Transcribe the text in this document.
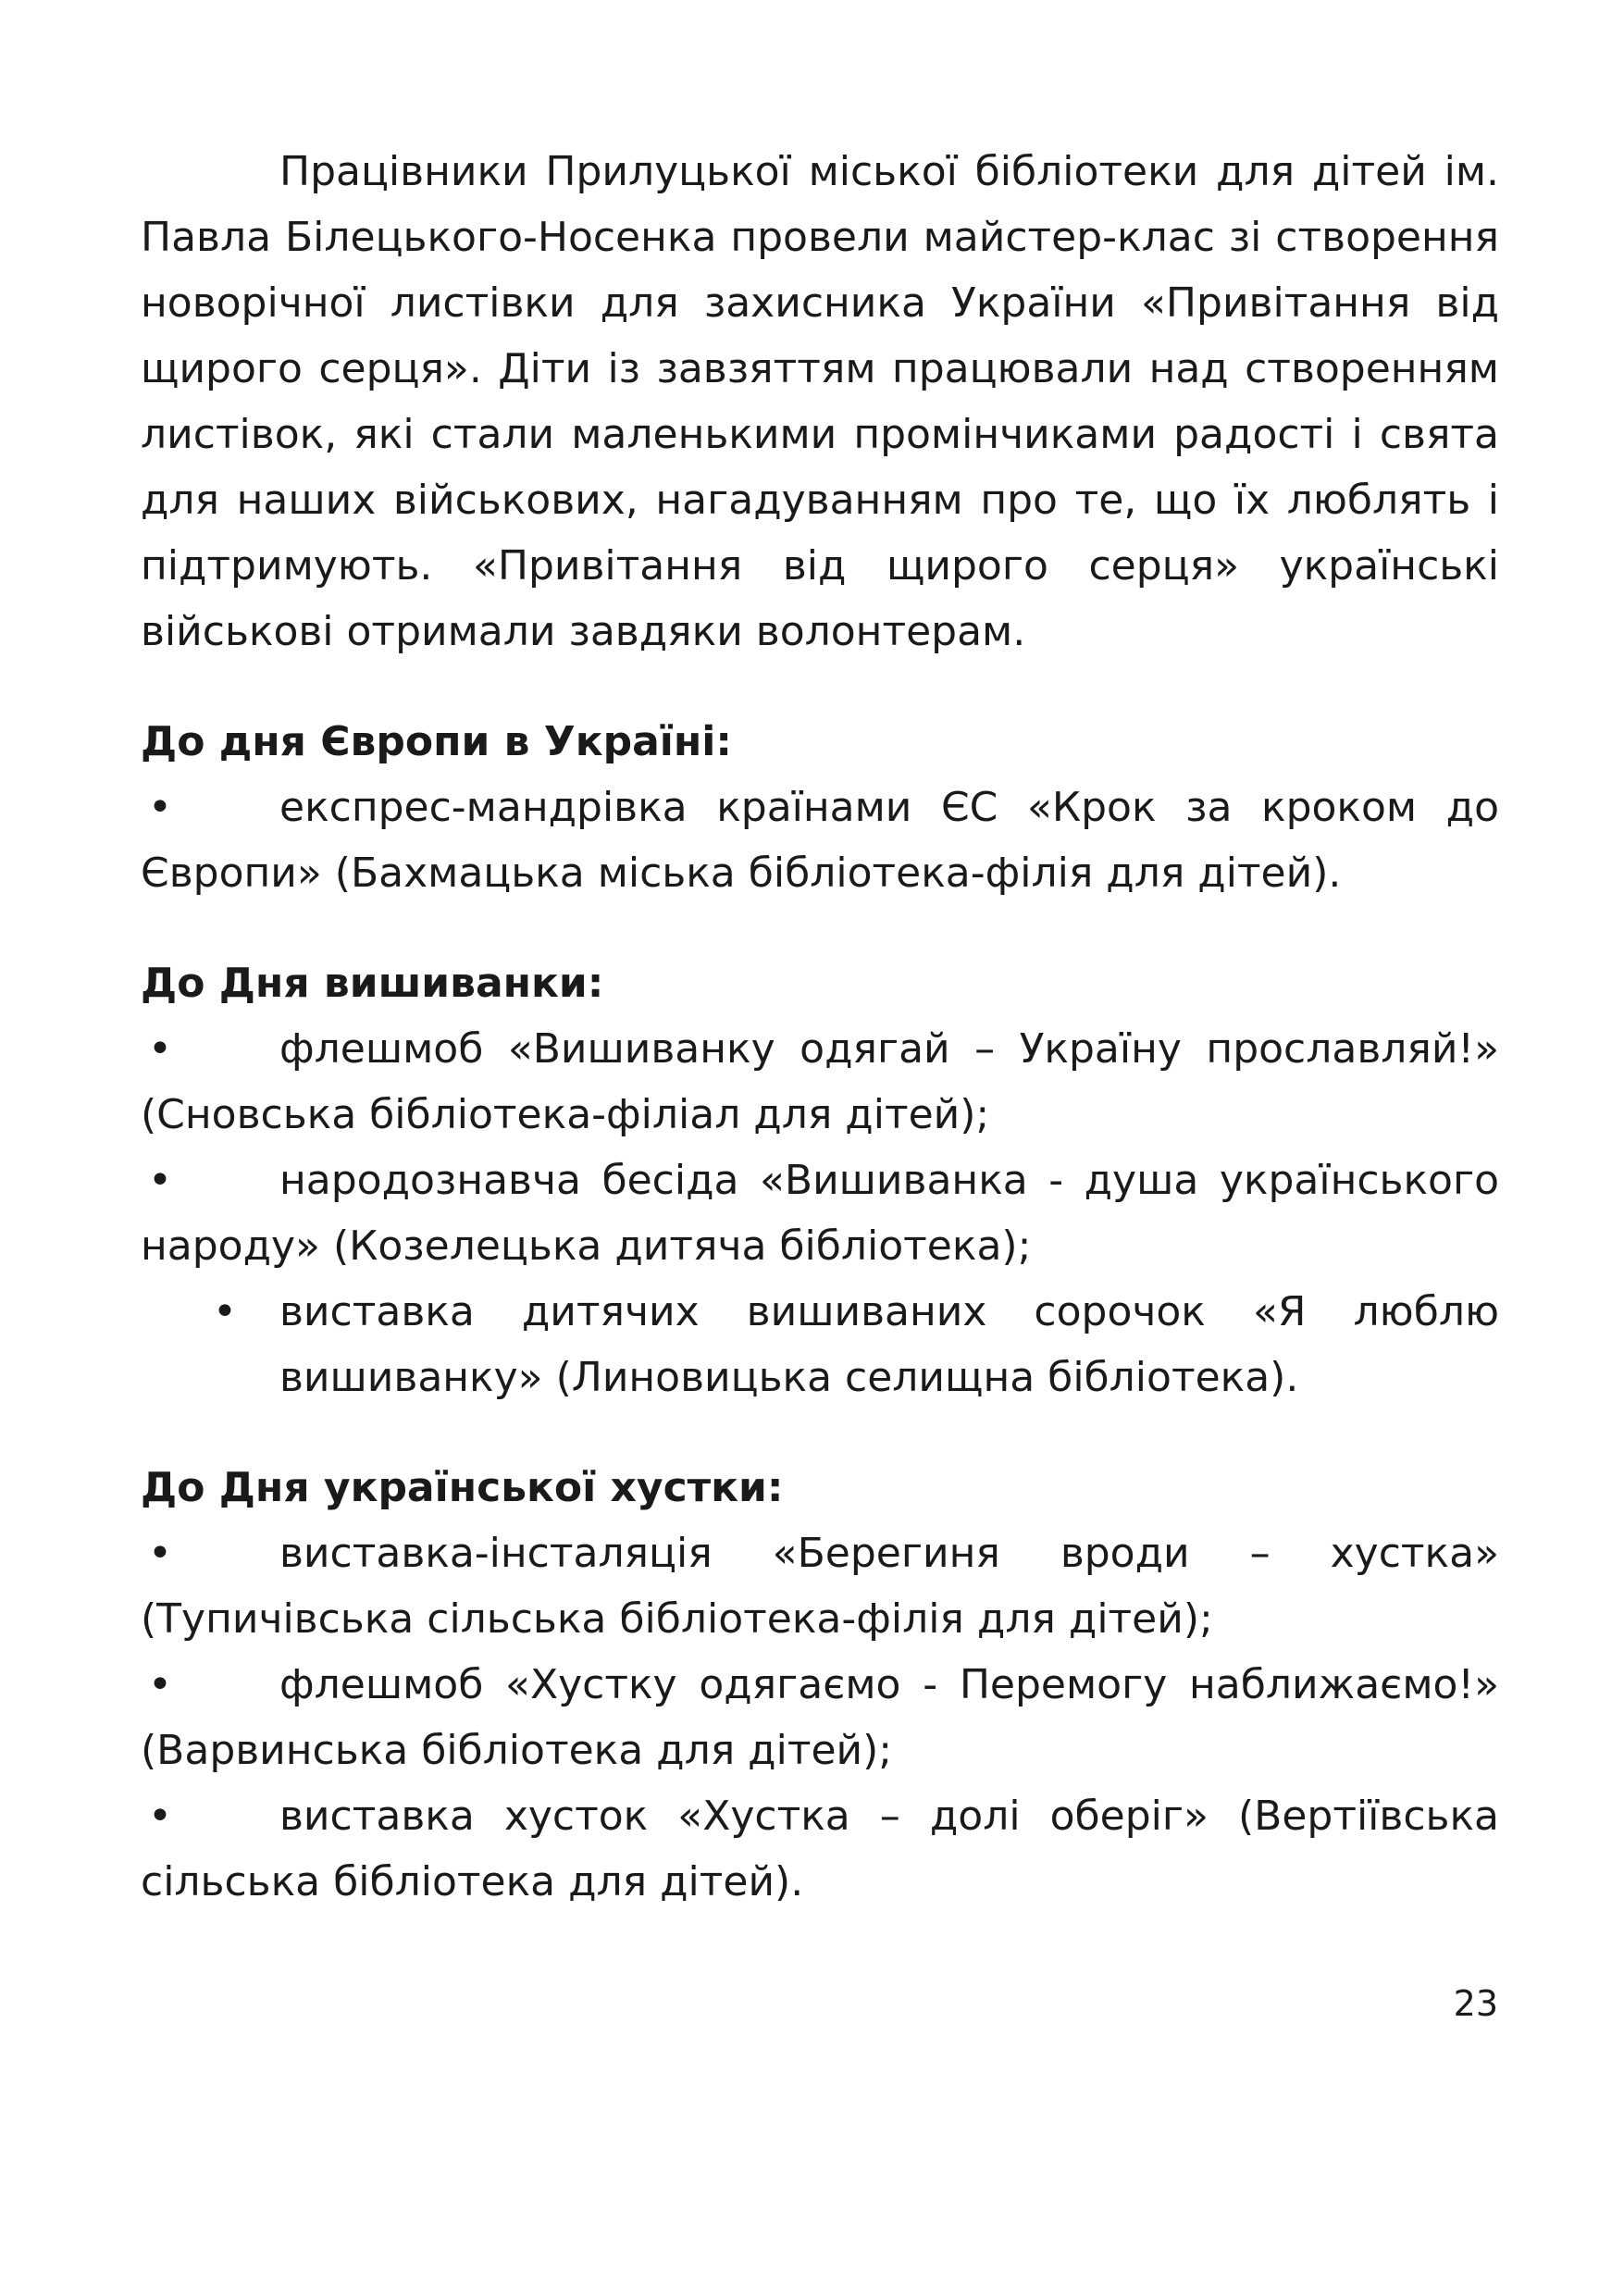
Працівники Прилуцької міської бібліотеки для дітей ім. Павла Білецького-Носенка провели майстер-клас зі створення новорічної листівки для захисника України «Привітання від щирого серця». Діти із завзяттям працювали над створенням листівок, які стали маленькими промінчиками радості і свята для наших військових, нагадуванням про те, що їх люблять і підтримують. «Привітання від щирого серця» українські військові отримали завдяки волонтерам.

До дня Європи в Україні:

•	експрес-мандрівка країнами ЄС «Крок за кроком до Європи» (Бахмацька міська бібліотека-філія для дітей).

До Дня вишиванки:

•	флешмоб «Вишиванку одягай – Україну прославляй!» (Сновська бібліотека-філіал для дітей);

•	народознавча бесіда «Вишиванка - душа українського народу» (Козелецька дитяча бібліотека);

• виставка дитячих вишиваних сорочок «Я люблю вишиванку» (Линовицька селищна бібліотека).

До Дня української хустки:

•	виставка-інсталяція «Берегиня вроди – хустка» (Тупичівська сільська бібліотека-філія для дітей);

•	флешмоб «Хустку одягаємо - Перемогу наближаємо!» (Варвинська бібліотека для дітей);

•	виставка хусток «Хустка – долі оберіг» (Вертіївська сільська бібліотека для дітей).

23
